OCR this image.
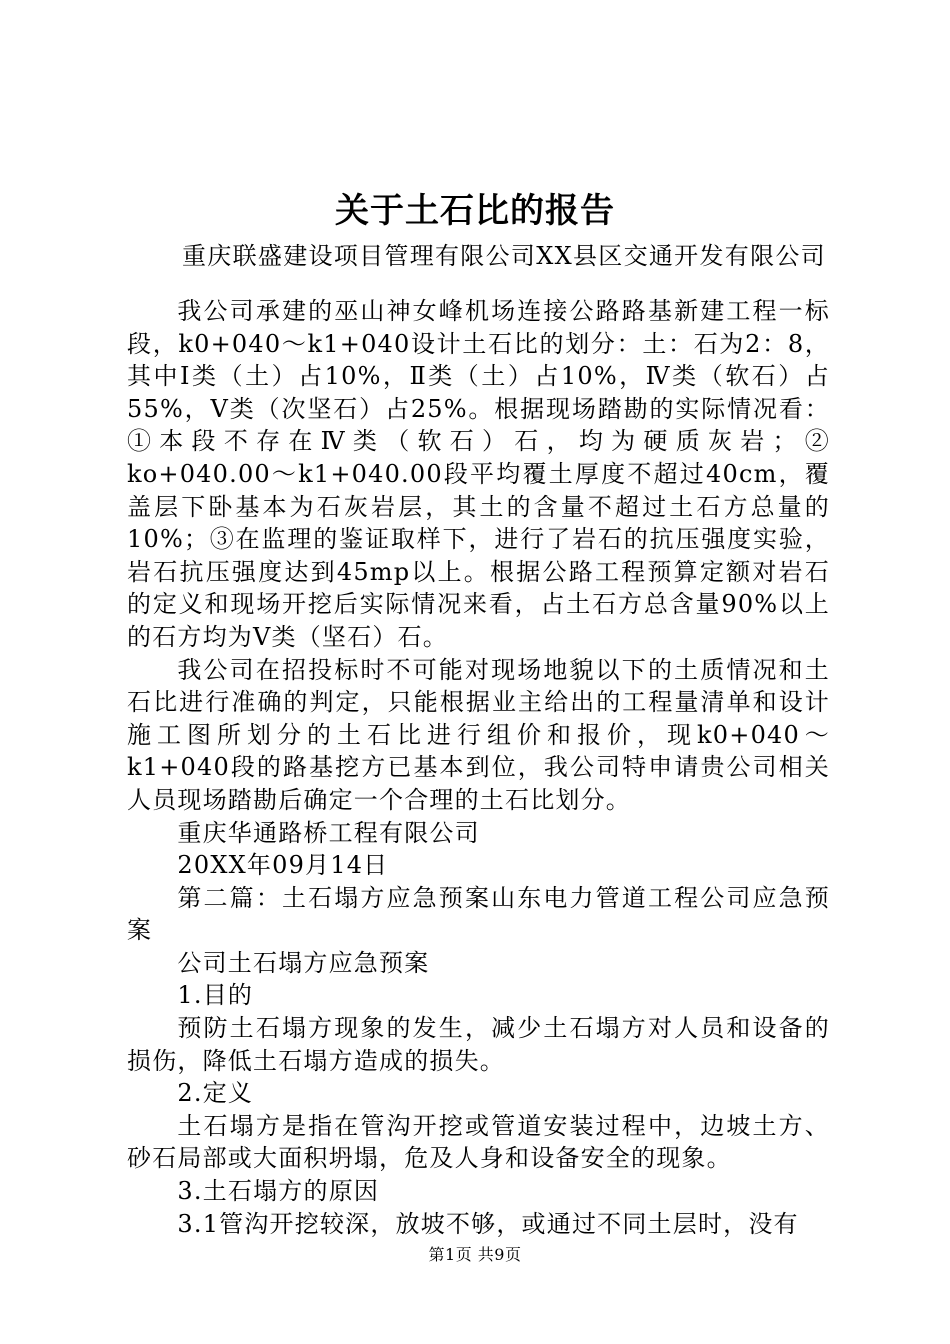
关于土石比的报告
重庆联盛建设项目管理有限公司XX县区交通开发有限公司

我公司承建的巫山神女峰机场连接公路路基新建工程一标段，k0+040～k1+040设计土石比的划分：土：石为2：8，其中Ⅰ类（土）占10%，Ⅱ类（土）占10%，Ⅳ类（软石）占55%，Ⅴ类（次坚石）占25%。根据现场踏勘的实际情况看：①本段不存在Ⅳ类（软石）石，均为硬质灰岩；② ko+040.00～k1+040.00段平均覆土厚度不超过40cm，覆盖层下卧基本为石灰岩层，其土的含量不超过土石方总量的10%；③在监理的鉴证取样下，进行了岩石的抗压强度实验，岩石抗压强度达到45mp以上。根据公路工程预算定额对岩石的定义和现场开挖后实际情况来看，占土石方总含量90%以上的石方均为Ⅴ类（坚石）石。

我公司在招投标时不可能对现场地貌以下的土质情况和土石比进行准确的判定，只能根据业主给出的工程量清单和设计施工图所划分的土石比进行组价和报价，现k0+040～k1+040段的路基挖方已基本到位，我公司特申请贵公司相关人员现场踏勘后确定一个合理的土石比划分。

重庆华通路桥工程有限公司

20XX年09月14日

第二篇：土石塌方应急预案山东电力管道工程公司应急预案

公司土石塌方应急预案

1.目的

预防土石塌方现象的发生，减少土石塌方对人员和设备的损伤，降低土石塌方造成的损失。

2.定义

土石塌方是指在管沟开挖或管道安装过程中，边坡土方、砂石局部或大面积坍塌，危及人身和设备安全的现象。

3.土石塌方的原因

3.1管沟开挖较深，放坡不够，或通过不同土层时，没有

第1页 共9页
